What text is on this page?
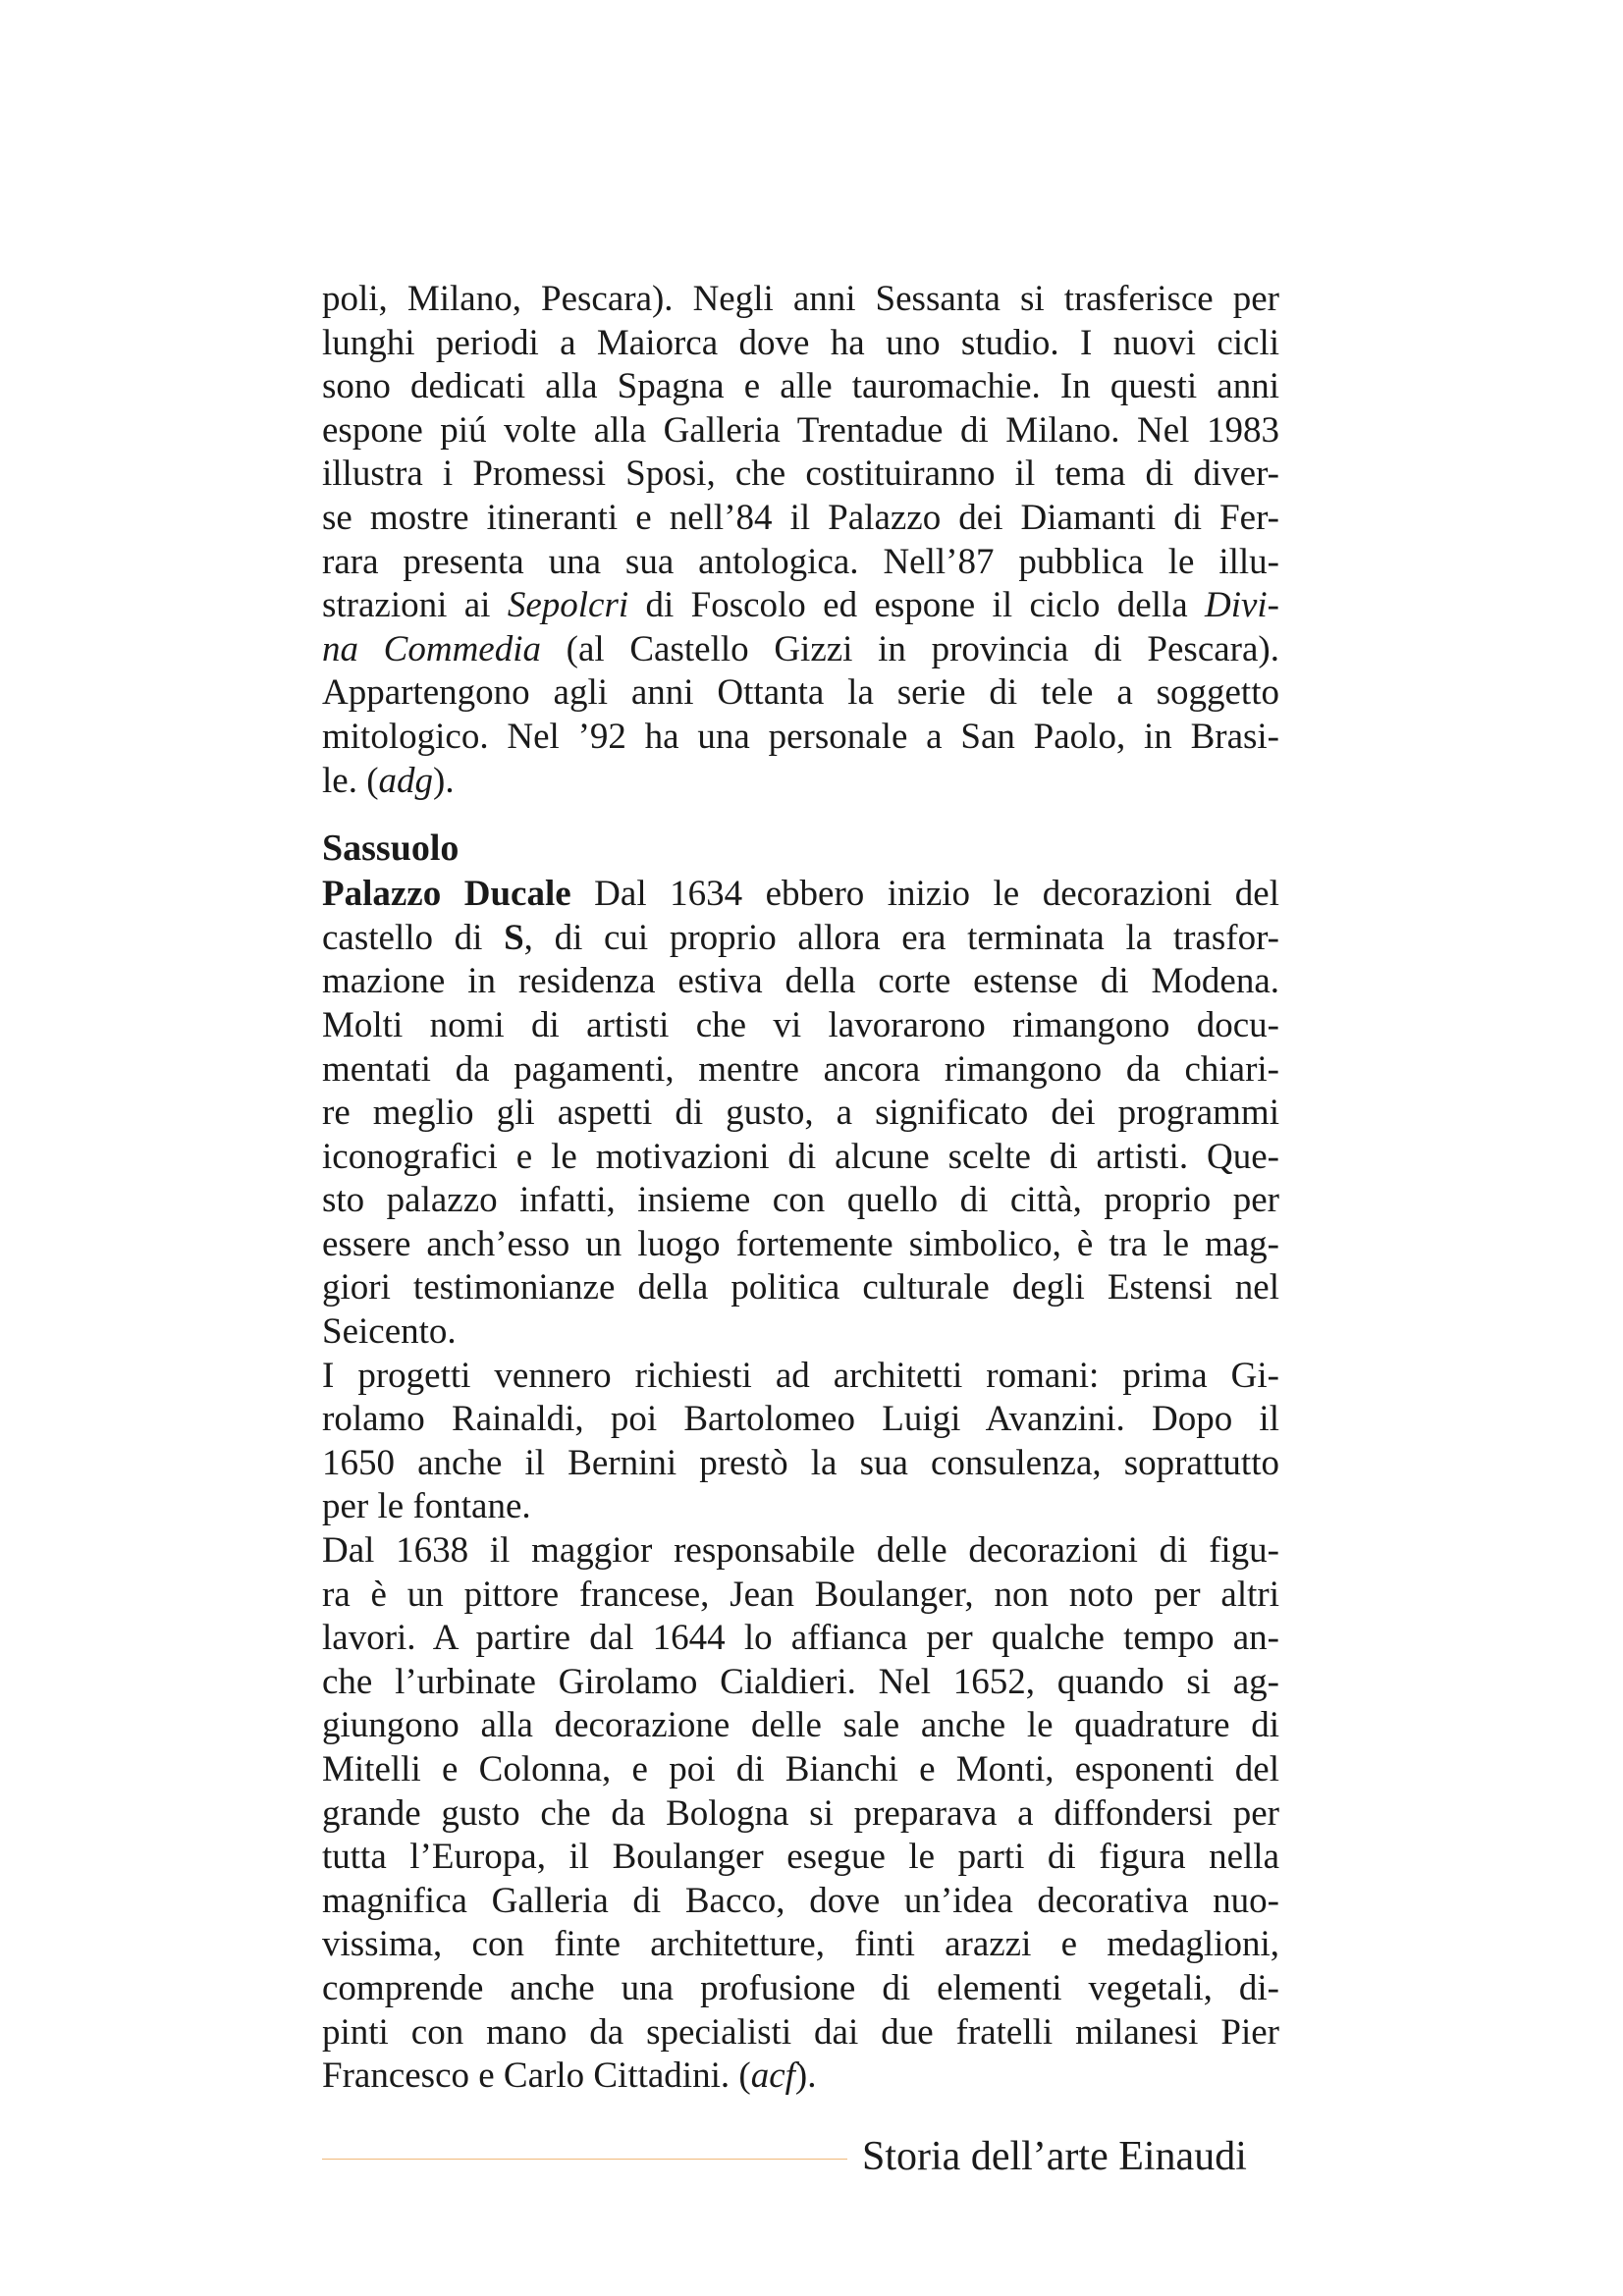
poli, Milano, Pescara). Negli anni Sessanta si trasferisce per
lunghi periodi a Maiorca dove ha uno studio. I nuovi cicli
sono dedicati alla Spagna e alle tauromachie. In questi anni
espone piú volte alla Galleria Trentadue di Milano. Nel 1983
illustra i Promessi Sposi, che costituiranno il tema di diver-
se mostre itineranti e nell’84 il Palazzo dei Diamanti di Fer-
rara presenta una sua antologica. Nell’87 pubblica le illu-
strazioni ai Sepolcri di Foscolo ed espone il ciclo della Divi-
na Commedia (al Castello Gizzi in provincia di Pescara).
Appartengono agli anni Ottanta la serie di tele a soggetto
mitologico. Nel ’92 ha una personale a San Paolo, in Brasi-
le. (adg).
Sassuolo
Palazzo Ducale Dal 1634 ebbero inizio le decorazioni del
castello di S, di cui proprio allora era terminata la trasfor-
mazione in residenza estiva della corte estense di Modena.
Molti nomi di artisti che vi lavorarono rimangono docu-
mentati da pagamenti, mentre ancora rimangono da chiari-
re meglio gli aspetti di gusto, a significato dei programmi
iconografici e le motivazioni di alcune scelte di artisti. Que-
sto palazzo infatti, insieme con quello di città, proprio per
essere anch’esso un luogo fortemente simbolico, è tra le mag-
giori testimonianze della politica culturale degli Estensi nel
Seicento.
I progetti vennero richiesti ad architetti romani: prima Gi-
rolamo Rainaldi, poi Bartolomeo Luigi Avanzini. Dopo il
1650 anche il Bernini prestò la sua consulenza, soprattutto
per le fontane.
Dal 1638 il maggior responsabile delle decorazioni di figu-
ra è un pittore francese, Jean Boulanger, non noto per altri
lavori. A partire dal 1644 lo affianca per qualche tempo an-
che l’urbinate Girolamo Cialdieri. Nel 1652, quando si ag-
giungono alla decorazione delle sale anche le quadrature di
Mitelli e Colonna, e poi di Bianchi e Monti, esponenti del
grande gusto che da Bologna si preparava a diffondersi per
tutta l’Europa, il Boulanger esegue le parti di figura nella
magnifica Galleria di Bacco, dove un’idea decorativa nuo-
vissima, con finte architetture, finti arazzi e medaglioni,
comprende anche una profusione di elementi vegetali, di-
pinti con mano da specialisti dai due fratelli milanesi Pier
Francesco e Carlo Cittadini. (acf).
Storia dell’arte Einaudi
